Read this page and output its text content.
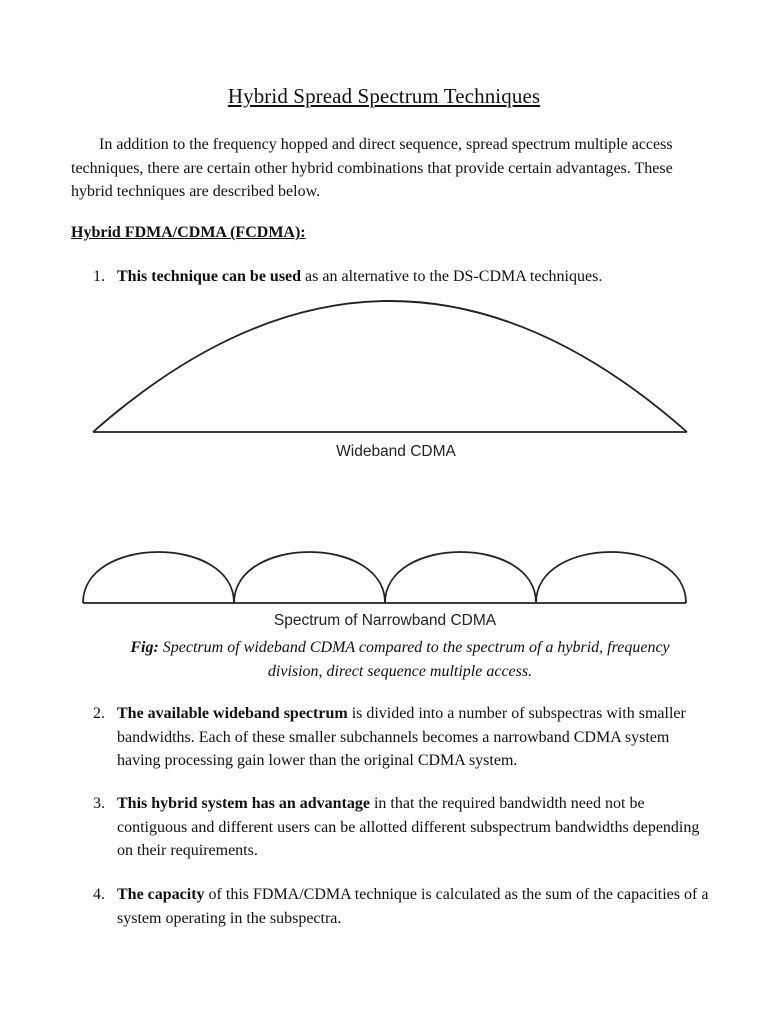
Hybrid Spread Spectrum Techniques
In addition to the frequency hopped and direct sequence, spread spectrum multiple access techniques, there are certain other hybrid combinations that provide certain advantages. These hybrid techniques are described below.
Hybrid FDMA/CDMA (FCDMA):
1. This technique can be used as an alternative to the DS-CDMA techniques.
Wideband CDMA
Spectrum of Narrowband CDMA
Fig: Spectrum of wideband CDMA compared to the spectrum of a hybrid, frequency division, direct sequence multiple access.
2. The available wideband spectrum is divided into a number of subspectras with smaller bandwidths. Each of these smaller subchannels becomes a narrowband CDMA system having processing gain lower than the original CDMA system.
3. This hybrid system has an advantage in that the required bandwidth need not be contiguous and different users can be allotted different subspectrum bandwidths depending on their requirements.
4. The capacity of this FDMA/CDMA technique is calculated as the sum of the capacities of a system operating in the subspectra.
